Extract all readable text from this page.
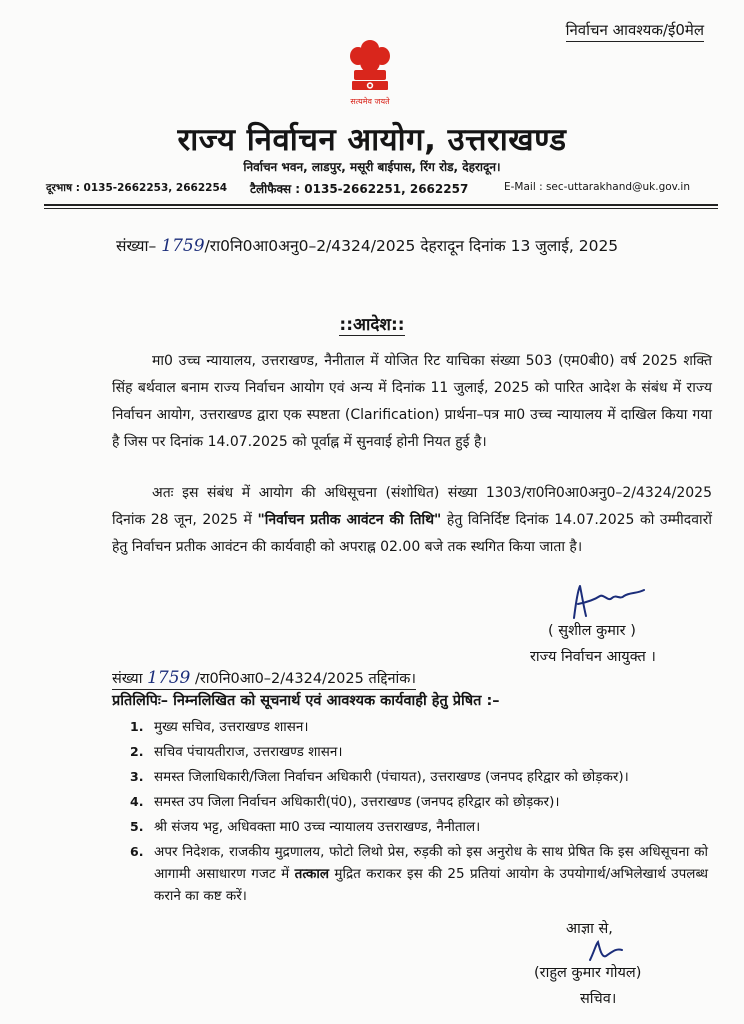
निर्वाचन आवश्यक/ई0मेल
सत्यमेव जयते
राज्य निर्वाचन आयोग, उत्तराखण्ड
निर्वाचन भवन, लाडपुर, मसूरी बाईपास, रिंग रोड, देहरादून।
दूरभाष : 0135-2662253, 2662254 टैलीफैक्स : 0135-2662251, 2662257	E-Mail : sec-uttarakhand@uk.gov.in
संख्या– 1759/रा0नि0आ0अनु0–2/4324/2025 देहरादून दिनांक 13 जुलाई, 2025
::आदेश::
मा0 उच्च न्यायालय, उत्तराखण्ड, नैनीताल में योजित रिट याचिका संख्या 503 (एम0बी0) वर्ष 2025 शक्ति सिंह बर्थवाल बनाम राज्य निर्वाचन आयोग एवं अन्य में दिनांक 11 जुलाई, 2025 को पारित आदेश के संबंध में राज्य निर्वाचन आयोग, उत्तराखण्ड द्वारा एक स्पष्टता (Clarification) प्रार्थना–पत्र मा0 उच्च न्यायालय में दाखिल किया गया है जिस पर दिनांक 14.07.2025 को पूर्वाह्न में सुनवाई होनी नियत हुई है।
अतः इस संबंध में आयोग की अधिसूचना (संशोधित) संख्या 1303/रा0नि0आ0अनु0–2/4324/2025 दिनांक 28 जून, 2025 में "निर्वाचन प्रतीक आवंटन की तिथि" हेतु विनिर्दिष्ट दिनांक 14.07.2025 को उम्मीदवारों हेतु निर्वाचन प्रतीक आवंटन की कार्यवाही को अपराह्न 02.00 बजे तक स्थगित किया जाता है।
( सुशील कुमार )
राज्य निर्वाचन आयुक्त ।
संख्या 1759 /रा0नि0आ0–2/4324/2025 तद्दिनांक।
प्रतिलिपिः– निम्नलिखित को सूचनार्थ एवं आवश्यक कार्यवाही हेतु प्रेषित :–
1. मुख्य सचिव, उत्तराखण्ड शासन।
2. सचिव पंचायतीराज, उत्तराखण्ड शासन।
3. समस्त जिलाधिकारी/जिला निर्वाचन अधिकारी (पंचायत), उत्तराखण्ड (जनपद हरिद्वार को छोड़कर)।
4. समस्त उप जिला निर्वाचन अधिकारी(पं0), उत्तराखण्ड (जनपद हरिद्वार को छोड़कर)।
5. श्री संजय भट्ट, अधिवक्ता मा0 उच्च न्यायालय उत्तराखण्ड, नैनीताल।
6. अपर निदेशक, राजकीय मुद्रणालय, फोटो लिथो प्रेस, रुड़की को इस अनुरोध के साथ प्रेषित कि इस अधिसूचना को आगामी असाधारण गजट में तत्काल मुद्रित कराकर इस की 25 प्रतियां आयोग के उपयोगार्थ/अभिलेखार्थ उपलब्ध कराने का कष्ट करें।
आज्ञा से,
(राहुल कुमार गोयल)
सचिव।
